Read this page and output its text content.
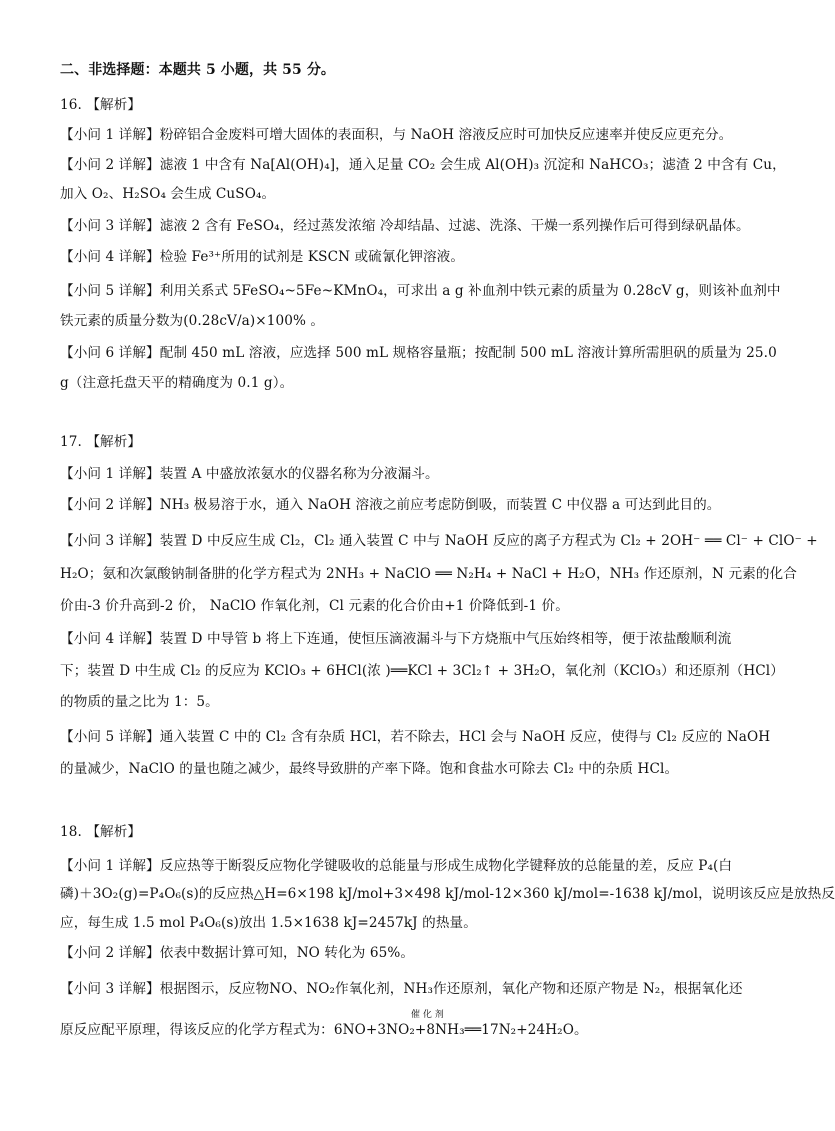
二、非选择题：本题共 5 小题，共 55 分。
16. 【解析】
【小问 1 详解】粉碎铝合金废料可增大固体的表面积，与 NaOH 溶液反应时可加快反应速率并使反应更充分。
【小问 2 详解】滤液 1 中含有 Na[Al(OH)₄]，通入足量 CO₂ 会生成 Al(OH)₃ 沉淀和 NaHCO₃；滤渣 2 中含有 Cu，
加入 O₂、H₂SO₄ 会生成 CuSO₄。
【小问 3 详解】滤液 2 含有 FeSO₄，经过蒸发浓缩 冷却结晶、过滤、洗涤、干燥一系列操作后可得到绿矾晶体。
【小问 4 详解】检验 Fe³⁺所用的试剂是 KSCN 或硫氰化钾溶液。
【小问 5 详解】利用关系式 5FeSO₄~5Fe~KMnO₄，可求出 a g 补血剂中铁元素的质量为 0.28cV g，则该补血剂中
铁元素的质量分数为(0.28cV/a)×100% 。
【小问 6 详解】配制 450 mL 溶液，应选择 500 mL 规格容量瓶；按配制 500 mL 溶液计算所需胆矾的质量为 25.0
g（注意托盘天平的精确度为 0.1 g）。
17. 【解析】
【小问 1 详解】装置 A 中盛放浓氨水的仪器名称为分液漏斗。
【小问 2 详解】NH₃ 极易溶于水，通入 NaOH 溶液之前应考虑防倒吸，而装置 C 中仪器 a 可达到此目的。
【小问 3 详解】装置 D 中反应生成 Cl₂，Cl₂ 通入装置 C 中与 NaOH 反应的离子方程式为 Cl₂ + 2OH⁻ ══ Cl⁻ + ClO⁻ +
H₂O；氨和次氯酸钠制备肼的化学方程式为 2NH₃ + NaClO ══ N₂H₄ + NaCl + H₂O，NH₃ 作还原剂，N 元素的化合
价由-3 价升高到-2 价， NaClO 作氧化剂，Cl 元素的化合价由+1 价降低到-1 价。
【小问 4 详解】装置 D 中导管 b 将上下连通，使恒压滴液漏斗与下方烧瓶中气压始终相等，便于浓盐酸顺利流
下；装置 D 中生成 Cl₂ 的反应为 KClO₃ + 6HCl(浓 )══KCl + 3Cl₂↑ + 3H₂O，氧化剂（KClO₃）和还原剂（HCl）
的物质的量之比为 1：5。
【小问 5 详解】通入装置 C 中的 Cl₂ 含有杂质 HCl，若不除去，HCl 会与 NaOH 反应，使得与 Cl₂ 反应的 NaOH
的量减少，NaClO 的量也随之减少，最终导致肼的产率下降。饱和食盐水可除去 Cl₂ 中的杂质 HCl。
18. 【解析】
【小问 1 详解】反应热等于断裂反应物化学键吸收的总能量与形成生成物化学键释放的总能量的差，反应 P₄(白
磷)＋3O₂(g)=P₄O₆(s)的反应热△H=6×198 kJ/mol+3×498 kJ/mol-12×360 kJ/mol=-1638 kJ/mol，说明该反应是放热反
应，每生成 1.5 mol P₄O₆(s)放出 1.5×1638 kJ=2457kJ 的热量。
【小问 2 详解】依表中数据计算可知，NO 转化为 65%。
【小问 3 详解】根据图示，反应物NO、NO₂作氧化剂，NH₃作还原剂，氧化产物和还原产物是 N₂，根据氧化还
催 化 剂
原反应配平原理，得该反应的化学方程式为：6NO+3NO₂+8NH₃══17N₂+24H₂O。
